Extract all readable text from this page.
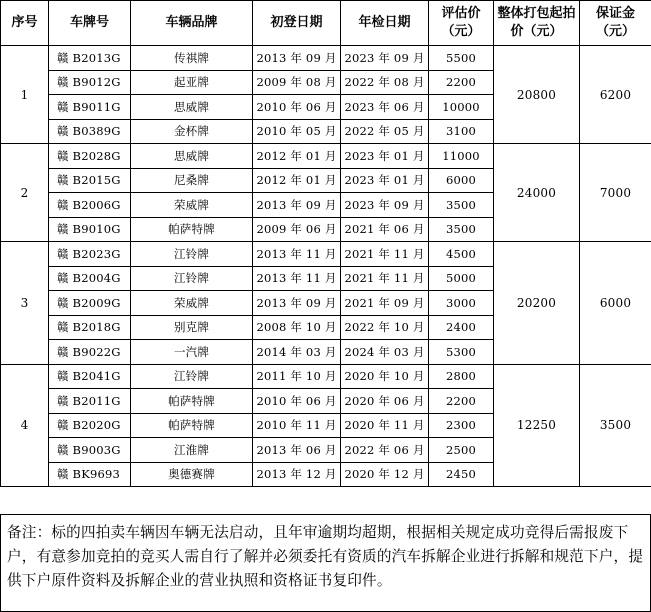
序号	车牌号	车辆品牌	初登日期	年检日期	评估价（元）	整体打包起拍价（元）	保证金（元）
1	赣 B2013G	传祺牌	2013 年 09 月	2023 年 09 月	5500	20800	6200
	赣 B9012G	起亚牌	2009 年 08 月	2022 年 08 月	2200		
	赣 B9011G	思威牌	2010 年 06 月	2023 年 06 月	10000		
	赣 B0389G	金杯牌	2010 年 05 月	2022 年 05 月	3100		
2	赣 B2028G	思威牌	2012 年 01 月	2023 年 01 月	11000	24000	7000
	赣 B2015G	尼桑牌	2012 年 01 月	2023 年 01 月	6000		
	赣 B2006G	荣威牌	2013 年 09 月	2023 年 09 月	3500		
	赣 B9010G	帕萨特牌	2009 年 06 月	2021 年 06 月	3500		
3	赣 B2023G	江铃牌	2013 年 11 月	2021 年 11 月	4500	20200	6000
	赣 B2004G	江铃牌	2013 年 11 月	2021 年 11 月	5000		
	赣 B2009G	荣威牌	2013 年 09 月	2021 年 09 月	3000		
	赣 B2018G	别克牌	2008 年 10 月	2022 年 10 月	2400		
	赣 B9022G	一汽牌	2014 年 03 月	2024 年 03 月	5300		
4	赣 B2041G	江铃牌	2011 年 10 月	2020 年 10 月	2800	12250	3500
	赣 B2011G	帕萨特牌	2010 年 06 月	2020 年 06 月	2200		
	赣 B2020G	帕萨特牌	2010 年 11 月	2020 年 11 月	2300		
	赣 B9003G	江淮牌	2013 年 06 月	2022 年 06 月	2500		
	赣 BK9693	奥德赛牌	2013 年 12 月	2020 年 12 月	2450		
备注：标的四拍卖车辆因车辆无法启动，且年审逾期均超期，根据相关规定成功竞得后需报废下户，有意参加竞拍的竞买人需自行了解并必须委托有资质的汽车拆解企业进行拆解和规范下户，提供下户原件资料及拆解企业的营业执照和资格证书复印件。
